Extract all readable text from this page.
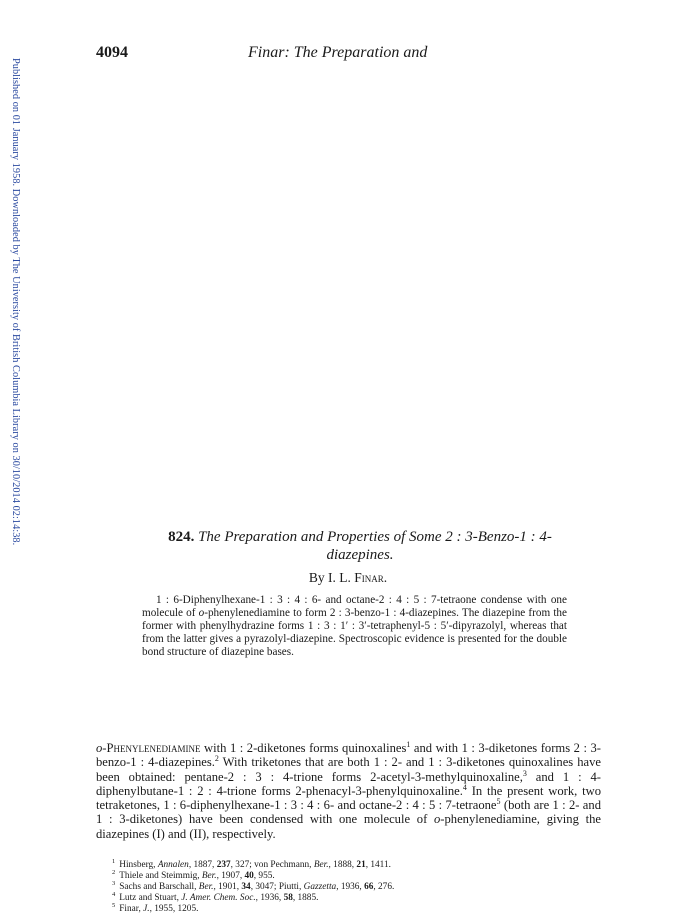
Published on 01 January 1958. Downloaded by The University of British Columbia Library on 30/10/2014 02:14:38.
4094	Finar: The Preparation and
824. The Preparation and Properties of Some 2 : 3-Benzo-1 : 4-
diazepines.
By I. L. Finar.

1 : 6-Diphenylhexane-1 : 3 : 4 : 6- and octane-2 : 4 : 5 : 7-tetraone condense with one molecule of o-phenylenediamine to form 2 : 3-benzo-1 : 4-diazepines. The diazepine from the former with phenylhydrazine forms 1 : 3 : 1′ : 3′-tetraphenyl-5 : 5′-dipyrazolyl, whereas that from the latter gives a pyrazolyl-diazepine. Spectroscopic evidence is presented for the double bond structure of diazepine bases.

o-Phenylenediamine with 1 : 2-diketones forms quinoxalines$^1$ and with 1 : 3-diketones forms 2 : 3-benzo-1 : 4-diazepines.$^2$ With triketones that are both 1 : 2- and 1 : 3-diketones quinoxalines have been obtained: pentane-2 : 3 : 4-trione forms 2-acetyl-3-methylquinoxaline,$^3$ and 1 : 4-diphenylbutane-1 : 2 : 4-trione forms 2-phenacyl-3-phenylquinoxaline.$^4$ In the present work, two tetraketones, 1 : 6-diphenylhexane-1 : 3 : 4 : 6- and octane-2 : 4 : 5 : 7-tetraone$^5$ (both are 1 : 2- and 1 : 3-diketones) have been condensed with one molecule of o-phenylenediamine, giving the diazepines (I) and (II), respectively.

$^1$ Hinsberg, Annalen, 1887, 237, 327; von Pechmann, Ber., 1888, 21, 1411.
$^2$ Thiele and Steimmig, Ber., 1907, 40, 955.
$^3$ Sachs and Barschall, Ber., 1901, 34, 3047; Piutti, Gazzetta, 1936, 66, 276.
$^4$ Lutz and Stuart, J. Amer. Chem. Soc., 1936, 58, 1885.
$^5$ Finar, J., 1955, 1205.
